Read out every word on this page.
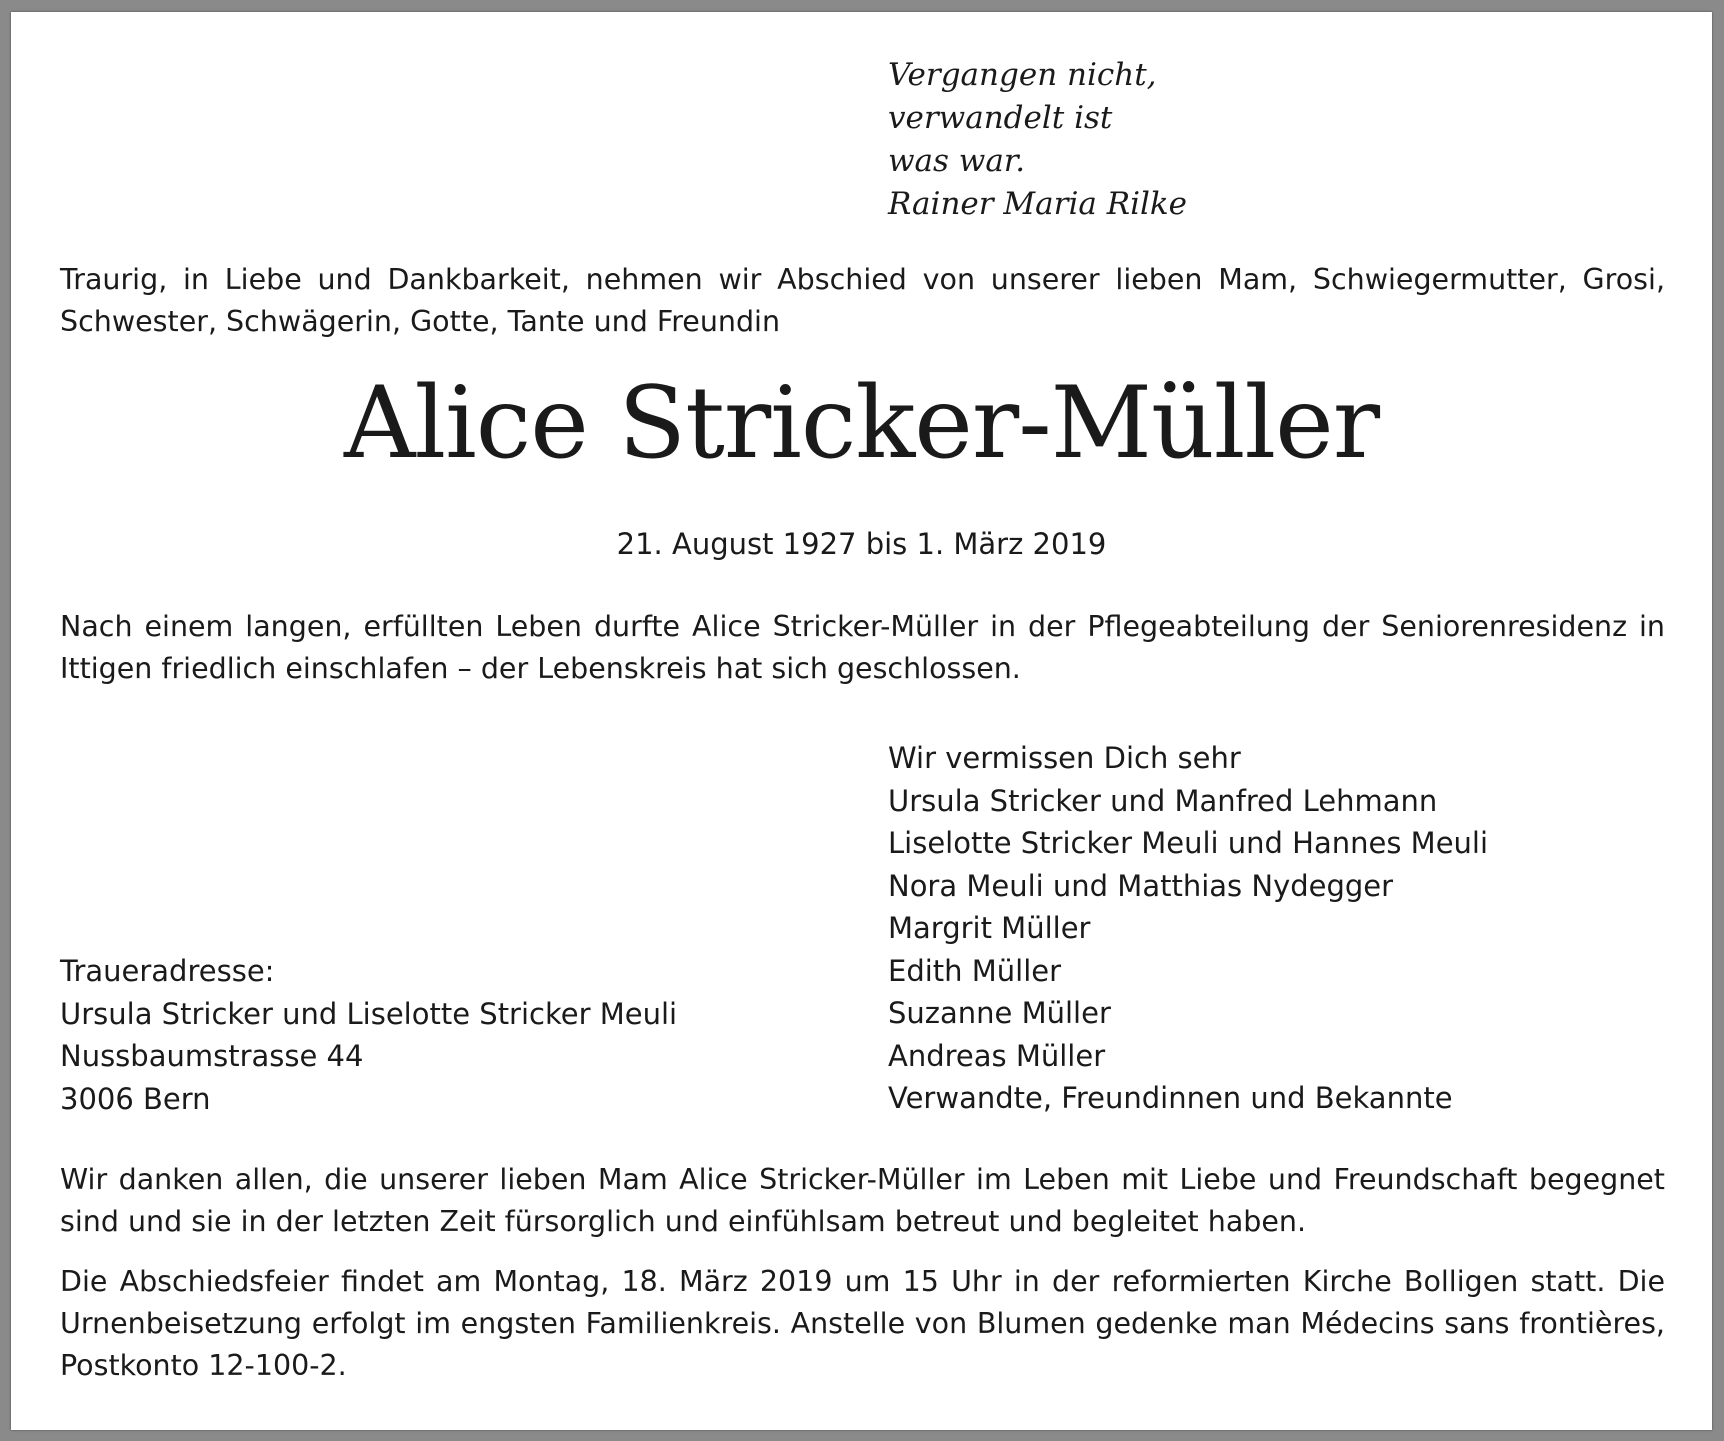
Vergangen nicht,
verwandelt ist
was war.
Rainer Maria Rilke
Traurig, in Liebe und Dankbarkeit, nehmen wir Abschied von unserer lieben Mam, Schwiegermutter, Grosi, Schwester, Schwägerin, Gotte, Tante und Freundin
Alice Stricker-Müller
21. August 1927 bis 1. März 2019
Nach einem langen, erfüllten Leben durfte Alice Stricker-Müller in der Pflegeabteilung der Seniorenresidenz in Ittigen friedlich einschlafen – der Lebenskreis hat sich geschlossen.
Wir vermissen Dich sehr
Ursula Stricker und Manfred Lehmann
Liselotte Stricker Meuli und Hannes Meuli
Nora Meuli und Matthias Nydegger
Margrit Müller
Edith Müller
Suzanne Müller
Andreas Müller
Verwandte, Freundinnen und Bekannte
Traueradresse:
Ursula Stricker und Liselotte Stricker Meuli
Nussbaumstrasse 44
3006 Bern
Wir danken allen, die unserer lieben Mam Alice Stricker-Müller im Leben mit Liebe und Freundschaft begegnet sind und sie in der letzten Zeit fürsorglich und einfühlsam betreut und begleitet haben.
Die Abschiedsfeier findet am Montag, 18. März 2019 um 15 Uhr in der reformierten Kirche Bolligen statt. Die Urnenbeisetzung erfolgt im engsten Familienkreis. Anstelle von Blumen gedenke man Médecins sans frontières, Postkonto 12-100-2.
